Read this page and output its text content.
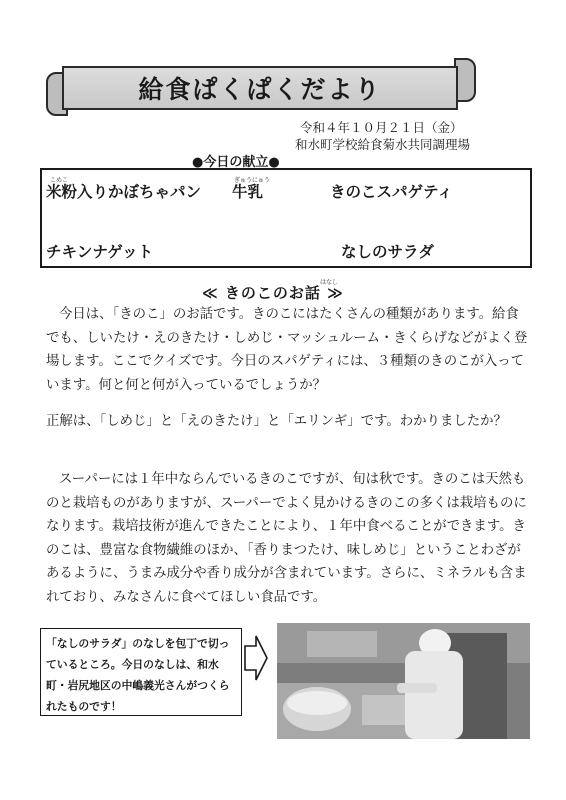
給食ぱくぱくだより
令和４年１０月２１日（金）
和水町学校給食菊水共同調理場
●今日の献立●
こめこ
米粉入りかぼちゃパン
ぎゅうにゅう
牛乳	きのこスパゲティ
チキンナゲット	なしのサラダ
はなし
≪ きのこのお話 ≫
今日は、「きのこ」のお話です。きのこにはたくさんの種類があります。給食でも、しいたけ・えのきたけ・しめじ・マッシュルーム・きくらげなどがよく登場します。ここでクイズです。今日のスパゲティには、３種類のきのこが入っています。何と何と何が入っているでしょうか？
正解は、「しめじ」と「えのきたけ」と「エリンギ」です。わかりましたか？
スーパーには１年中ならんでいるきのこですが、旬は秋です。きのこは天然ものと栽培ものがありますが、スーパーでよく見かけるきのこの多くは栽培ものになります。栽培技術が進んできたことにより、１年中食べることができます。きのこは、豊富な食物繊維のほか、「香りまつたけ、味しめじ」ということわざがあるように、うまみ成分や香り成分が含まれています。さらに、ミネラルも含まれており、みなさんに食べてほしい食品です。
「なしのサラダ」のなしを包丁で切っているところ。今日のなしは、和水町・岩尻地区の中嶋義光さんがつくられたものです！
